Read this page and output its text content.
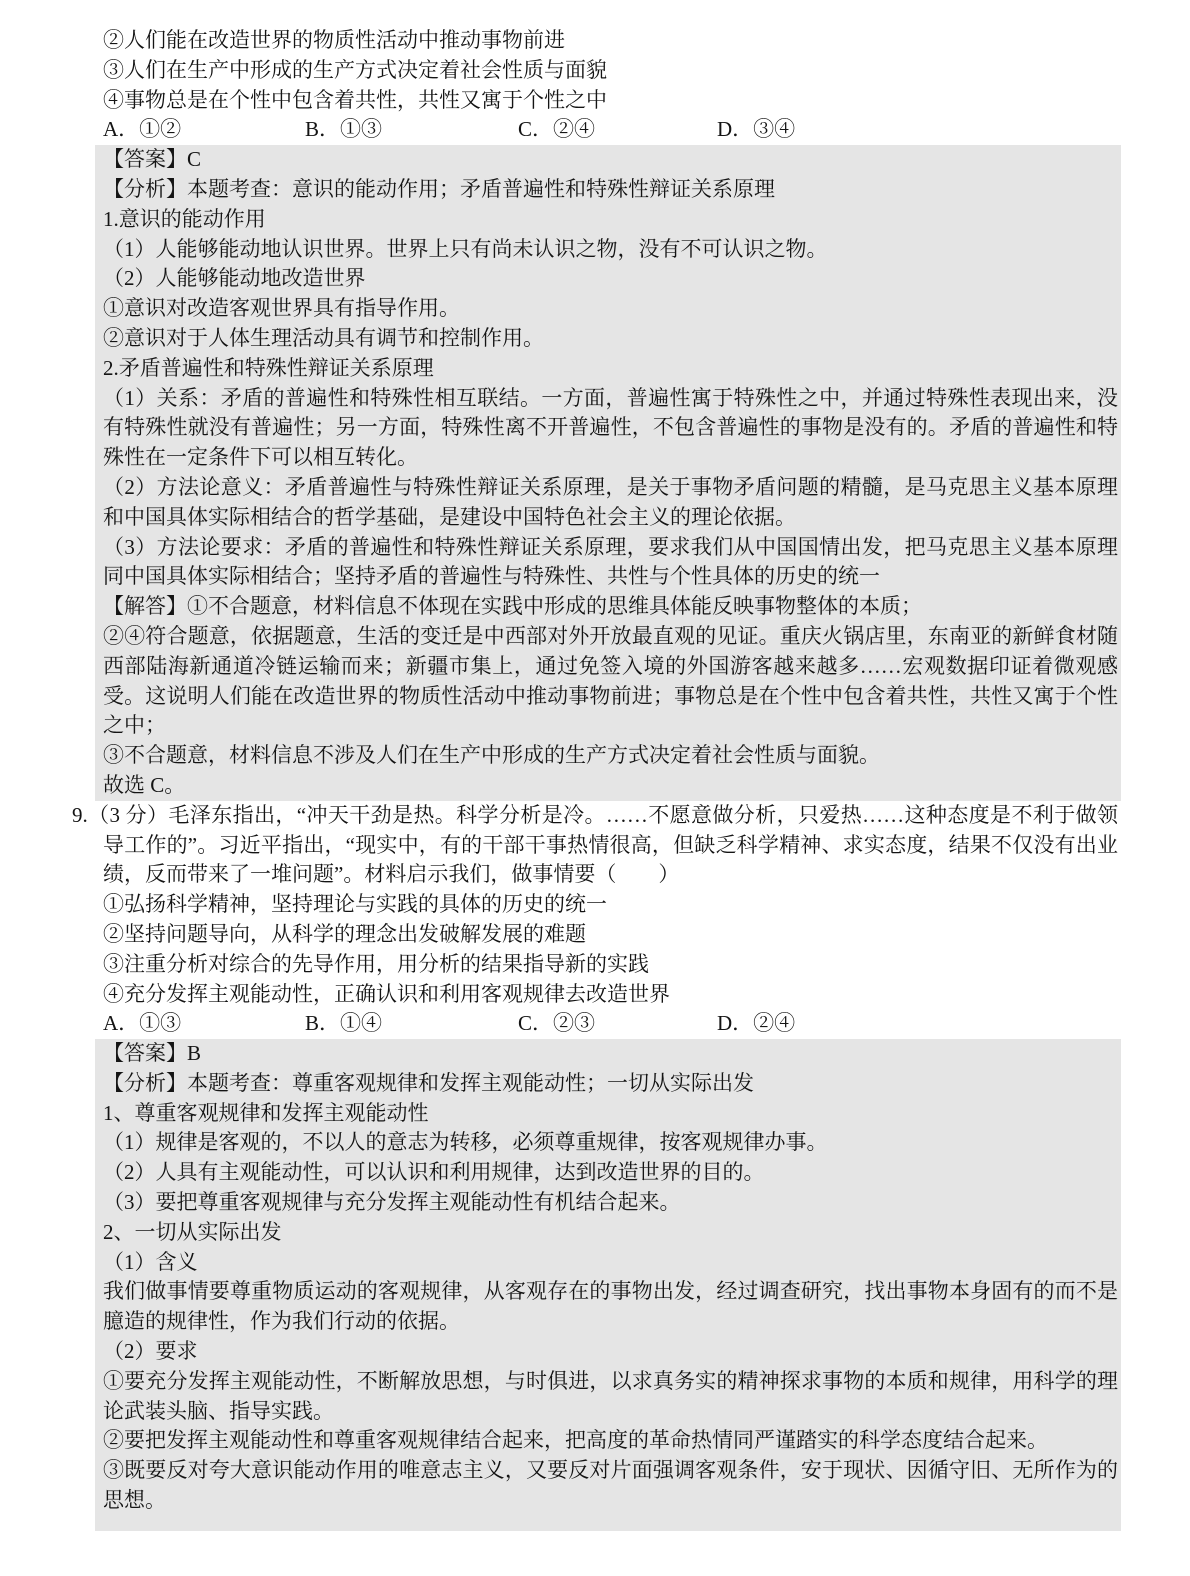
②人们能在改造世界的物质性活动中推动事物前进

③人们在生产中形成的生产方式决定着社会性质与面貌

④事物总是在个性中包含着共性，共性又寓于个性之中

A．①②	B．①③	C．②④	D．③④

【答案】C

【分析】本题考查：意识的能动作用；矛盾普遍性和特殊性辩证关系原理

1.意识的能动作用

（1）人能够能动地认识世界。世界上只有尚未认识之物，没有不可认识之物。

（2）人能够能动地改造世界

①意识对改造客观世界具有指导作用。

②意识对于人体生理活动具有调节和控制作用。

2.矛盾普遍性和特殊性辩证关系原理

（1）关系：矛盾的普遍性和特殊性相互联结。一方面，普遍性寓于特殊性之中，并通过特殊性表现出来，没有特殊性就没有普遍性；另一方面，特殊性离不开普遍性，不包含普遍性的事物是没有的。矛盾的普遍性和特殊性在一定条件下可以相互转化。

（2）方法论意义：矛盾普遍性与特殊性辩证关系原理，是关于事物矛盾问题的精髓，是马克思主义基本原理和中国具体实际相结合的哲学基础，是建设中国特色社会主义的理论依据。

（3）方法论要求：矛盾的普遍性和特殊性辩证关系原理，要求我们从中国国情出发，把马克思主义基本原理同中国具体实际相结合；坚持矛盾的普遍性与特殊性、共性与个性具体的历史的统一

【解答】①不合题意，材料信息不体现在实践中形成的思维具体能反映事物整体的本质；

②④符合题意，依据题意，生活的变迁是中西部对外开放最直观的见证。重庆火锅店里，东南亚的新鲜食材随西部陆海新通道冷链运输而来；新疆市集上，通过免签入境的外国游客越来越多……宏观数据印证着微观感受。这说明人们能在改造世界的物质性活动中推动事物前进；事物总是在个性中包含着共性，共性又寓于个性之中；

③不合题意，材料信息不涉及人们在生产中形成的生产方式决定着社会性质与面貌。

故选 C。

9.（3 分）毛泽东指出，“冲天干劲是热。科学分析是冷。……不愿意做分析，只爱热……这种态度是不利于做领导工作的”。习近平指出，“现实中，有的干部干事热情很高，但缺乏科学精神、求实态度，结果不仅没有出业绩，反而带来了一堆问题”。材料启示我们，做事情要（　　）

①弘扬科学精神，坚持理论与实践的具体的历史的统一

②坚持问题导向，从科学的理念出发破解发展的难题

③注重分析对综合的先导作用，用分析的结果指导新的实践

④充分发挥主观能动性，正确认识和利用客观规律去改造世界

A．①③	B．①④	C．②③	D．②④

【答案】B

【分析】本题考查：尊重客观规律和发挥主观能动性；一切从实际出发

1、尊重客观规律和发挥主观能动性

（1）规律是客观的，不以人的意志为转移，必须尊重规律，按客观规律办事。

（2）人具有主观能动性，可以认识和利用规律，达到改造世界的目的。

（3）要把尊重客观规律与充分发挥主观能动性有机结合起来。

2、一切从实际出发

（1）含义

我们做事情要尊重物质运动的客观规律，从客观存在的事物出发，经过调查研究，找出事物本身固有的而不是臆造的规律性，作为我们行动的依据。

（2）要求

①要充分发挥主观能动性，不断解放思想，与时俱进，以求真务实的精神探求事物的本质和规律，用科学的理论武装头脑、指导实践。

②要把发挥主观能动性和尊重客观规律结合起来，把高度的革命热情同严谨踏实的科学态度结合起来。

③既要反对夸大意识能动作用的唯意志主义，又要反对片面强调客观条件，安于现状、因循守旧、无所作为的思想。
